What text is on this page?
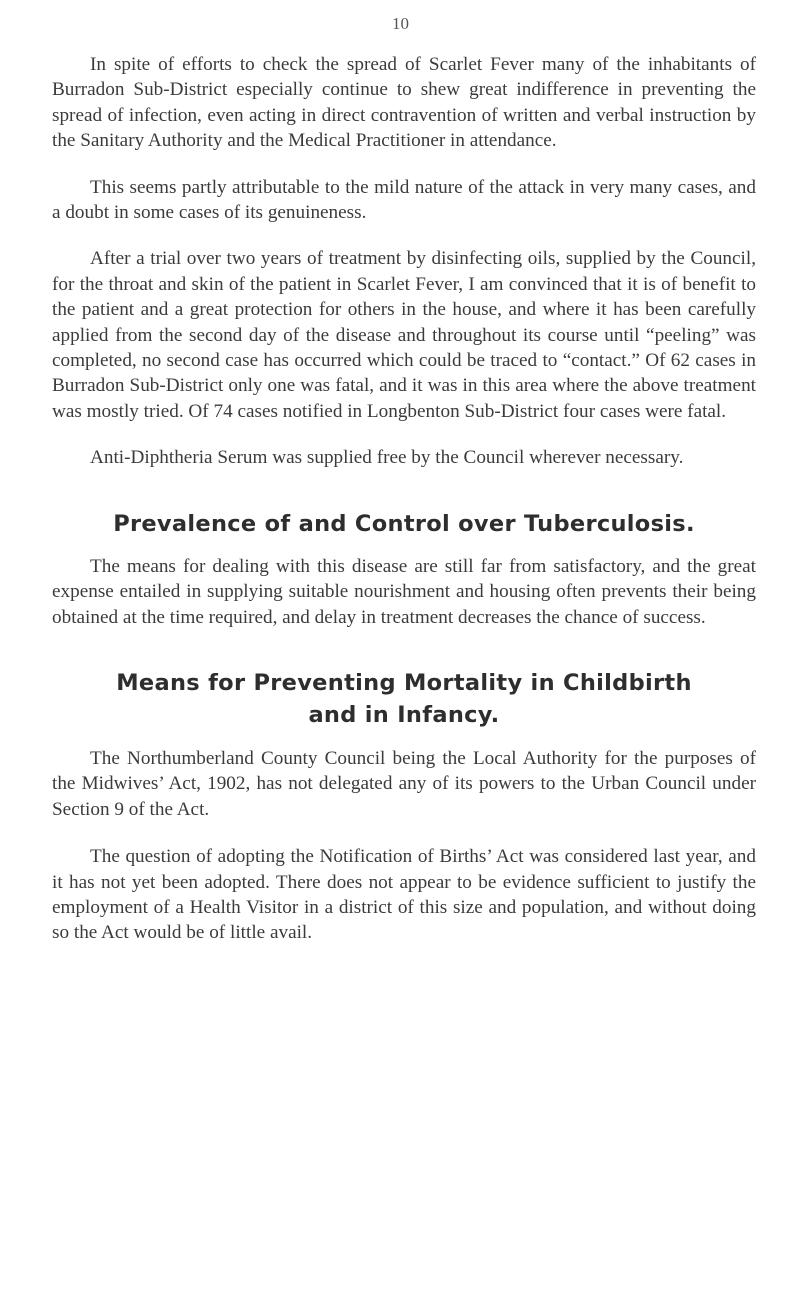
10

In spite of efforts to check the spread of Scarlet Fever many of the inhabitants of Burradon Sub-District especially continue to shew great indifference in preventing the spread of infection, even acting in direct contravention of written and verbal instruction by the Sanitary Authority and the Medical Practitioner in attendance.

This seems partly attributable to the mild nature of the attack in very many cases, and a doubt in some cases of its genuineness.

After a trial over two years of treatment by disinfecting oils, supplied by the Council, for the throat and skin of the patient in Scarlet Fever, I am convinced that it is of benefit to the patient and a great protection for others in the house, and where it has been carefully applied from the second day of the disease and throughout its course until “peeling” was completed, no second case has occurred which could be traced to “contact.” Of 62 cases in Burradon Sub-District only one was fatal, and it was in this area where the above treatment was mostly tried. Of 74 cases notified in Longbenton Sub-District four cases were fatal.

Anti-Diphtheria Serum was supplied free by the Council wherever necessary.

Prevalence of and Control over Tuberculosis.

The means for dealing with this disease are still far from satisfactory, and the great expense entailed in supplying suitable nourishment and housing often prevents their being obtained at the time required, and delay in treatment decreases the chance of success.

Means for Preventing Mortality in Childbirth
and in Infancy.

The Northumberland County Council being the Local Authority for the purposes of the Midwives’ Act, 1902, has not delegated any of its powers to the Urban Council under Section 9 of the Act.

The question of adopting the Notification of Births’ Act was considered last year, and it has not yet been adopted. There does not appear to be evidence sufficient to justify the employment of a Health Visitor in a district of this size and population, and without doing so the Act would be of little avail.
